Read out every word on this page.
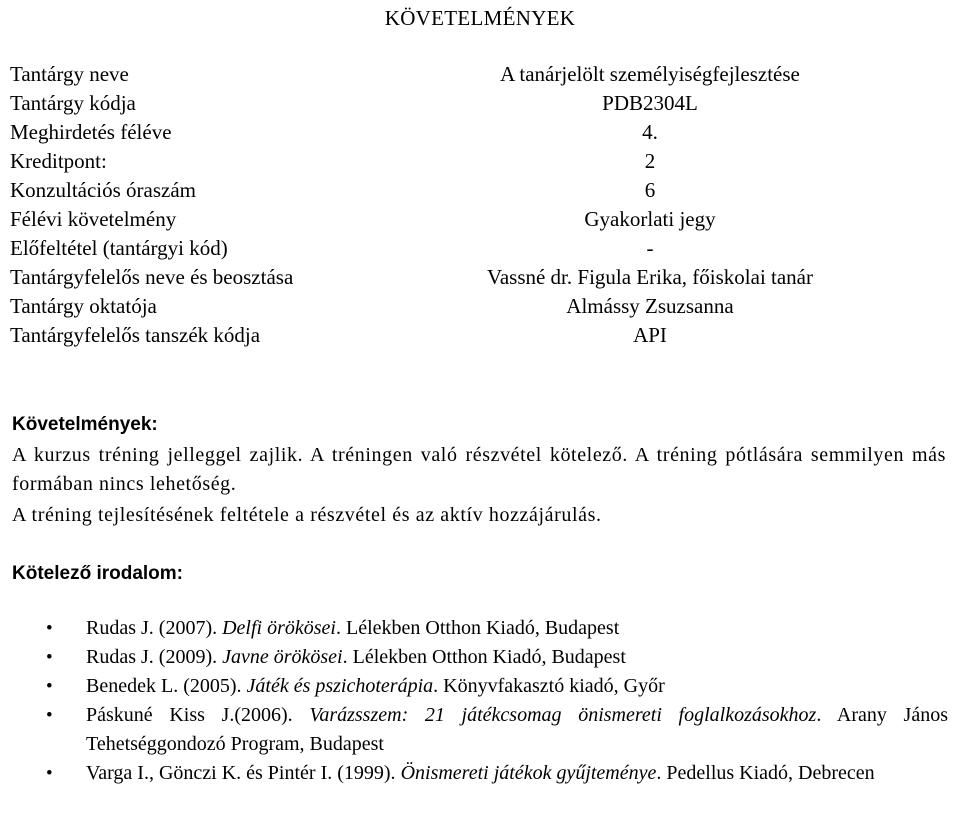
KÖVETELMÉNYEK
Tantárgy neve	A tanárjelölt személyiségfejlesztése
Tantárgy kódja	PDB2304L
Meghirdetés féléve	4.
Kreditpont:	2
Konzultációs óraszám	6
Félévi követelmény	Gyakorlati jegy
Előfeltétel (tantárgyi kód)	-
Tantárgyfelelős neve és beosztása	Vassné dr. Figula Erika, főiskolai tanár
Tantárgy oktatója	Almássy Zsuzsanna
Tantárgyfelelős tanszék kódja	API
Követelmények:
A kurzus tréning jelleggel zajlik. A tréningen való részvétel kötelező. A tréning pótlására semmilyen más formában nincs lehetőség.
A tréning tejlesítésének feltétele a részvétel és az aktív hozzájárulás.
Kötelező irodalom:
• Rudas J. (2007). Delfi örökösei. Lélekben Otthon Kiadó, Budapest
• Rudas J. (2009). Javne örökösei. Lélekben Otthon Kiadó, Budapest
• Benedek L. (2005). Játék és pszichoterápia. Könyvfakasztó kiadó, Győr
• Páskuné Kiss J.(2006). Varázsszem: 21 játékcsomag önismereti foglalkozásokhoz. Arany János Tehetséggondozó Program, Budapest
• Varga I., Gönczi K. és Pintér I. (1999). Önismereti játékok gyűjteménye. Pedellus Kiadó, Debrecen
